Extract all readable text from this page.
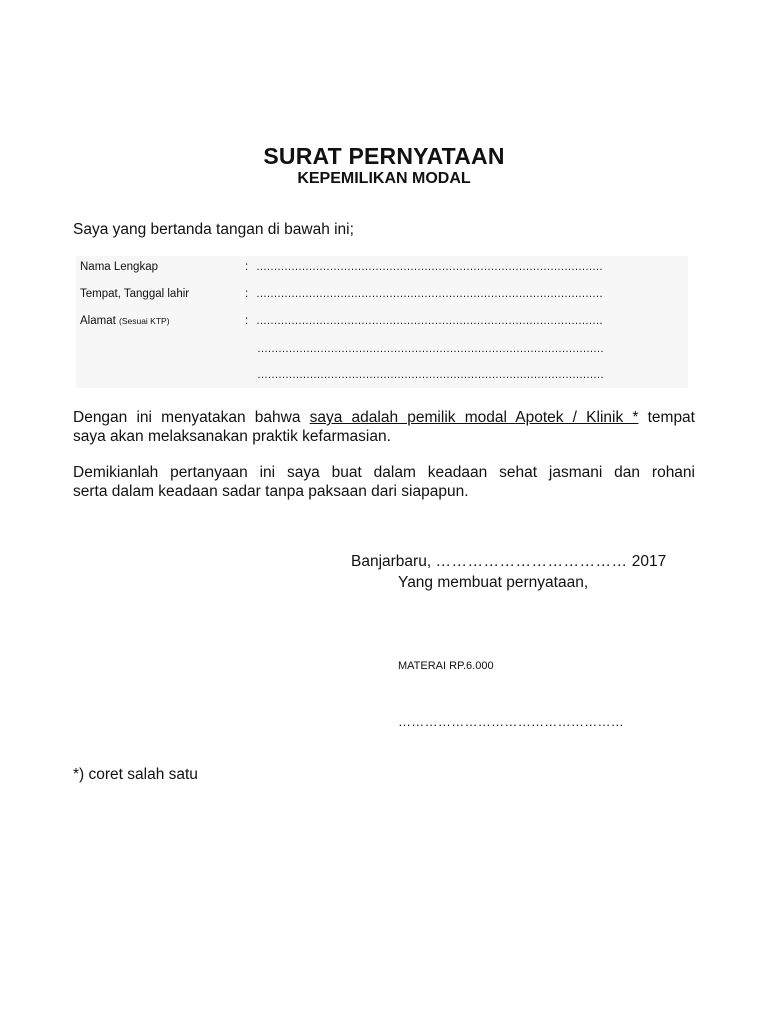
SURAT PERNYATAAN
KEPEMILIKAN MODAL
Saya yang bertanda tangan di bawah ini;
Nama Lengkap	: ………………………………………………………………………………………
Tempat, Tanggal lahir	: ………………………………………………………………………………………
Alamat (Sesuai KTP)	: ………………………………………………………………………………………
………………………………………………………………………………………
………………………………………………………………………………………
Dengan ini menyatakan bahwa saya adalah pemilik modal Apotek / Klinik * tempat
saya akan melaksanakan praktik kefarmasian.
Demikianlah pertanyaan ini saya buat dalam keadaan sehat jasmani dan rohani
serta dalam keadaan sadar tanpa paksaan dari siapapun.
Banjarbaru, ……………………………… 2017
Yang membuat pernyataan,
MATERAI RP.6.000
……………………………………………
*) coret salah satu
